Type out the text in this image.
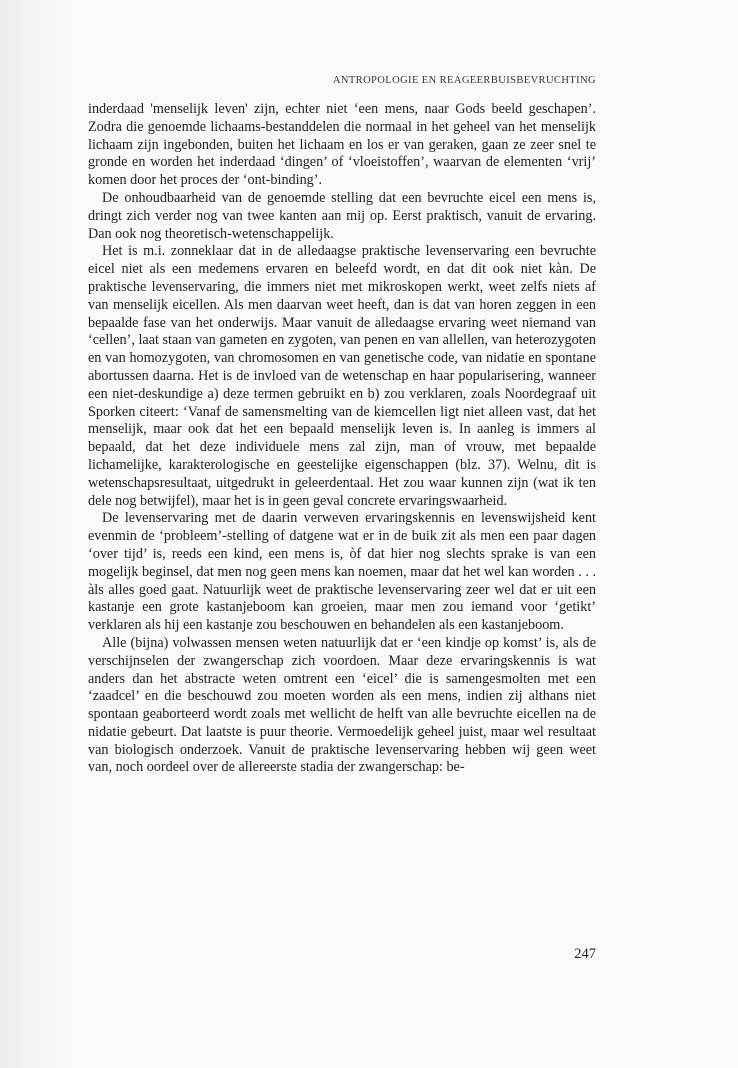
ANTROPOLOGIE EN REAGEERBUISBEVRUCHTING

inderdaad 'menselijk leven' zijn, echter niet ‘een mens, naar Gods beeld geschapen’. Zodra die genoemde lichaams-bestanddelen die normaal in het geheel van het menselijk lichaam zijn ingebonden, buiten het lichaam en los er van geraken, gaan ze zeer snel te gronde en worden het inderdaad ‘dingen’ of ‘vloeistoffen’, waarvan de elementen ‘vrij’ komen door het proces der ‘ont-binding’.

De onhoudbaarheid van de genoemde stelling dat een bevruchte eicel een mens is, dringt zich verder nog van twee kanten aan mij op. Eerst praktisch, vanuit de ervaring. Dan ook nog theoretisch-wetenschappelijk.

Het is m.i. zonneklaar dat in de alledaagse praktische levenservaring een bevruchte eicel niet als een medemens ervaren en beleefd wordt, en dat dit ook niet kàn. De praktische levenservaring, die immers niet met mikroskopen werkt, weet zelfs niets af van menselijk eicellen. Als men daarvan weet heeft, dan is dat van horen zeggen in een bepaalde fase van het onderwijs. Maar vanuit de alledaagse ervaring weet niemand van ‘cellen’, laat staan van gameten en zygoten, van penen en van allellen, van heterozygoten en van homozygoten, van chromosomen en van genetische code, van nidatie en spontane abortussen daarna. Het is de invloed van de wetenschap en haar popularisering, wanneer een niet-deskundige a) deze termen gebruikt en b) zou verklaren, zoals Noordegraaf uit Sporken citeert: ‘Vanaf de samensmelting van de kiemcellen ligt niet alleen vast, dat het menselijk, maar ook dat het een bepaald menselijk leven is. In aanleg is immers al bepaald, dat het deze individuele mens zal zijn, man of vrouw, met bepaalde lichamelijke, karakterologische en geestelijke eigenschappen (blz. 37). Welnu, dit is wetenschapsresultaat, uitgedrukt in geleerdentaal. Het zou waar kunnen zijn (wat ik ten dele nog betwijfel), maar het is in geen geval concrete ervaringswaarheid.

De levenservaring met de daarin verweven ervaringskennis en levenswijsheid kent evenmin de ‘probleem’-stelling of datgene wat er in de buik zit als men een paar dagen ‘over tijd’ is, reeds een kind, een mens is, òf dat hier nog slechts sprake is van een mogelijk beginsel, dat men nog geen mens kan noemen, maar dat het wel kan worden . . . àls alles goed gaat. Natuurlijk weet de praktische levenservaring zeer wel dat er uit een kastanje een grote kastanjeboom kan groeien, maar men zou iemand voor ‘getikt’ verklaren als hij een kastanje zou beschouwen en behandelen als een kastanjeboom.

Alle (bijna) volwassen mensen weten natuurlijk dat er ‘een kindje op komst’ is, als de verschijnselen der zwangerschap zich voordoen. Maar deze ervaringskennis is wat anders dan het abstracte weten omtrent een ‘eicel’ die is samengesmolten met een ‘zaadcel’ en die beschouwd zou moeten worden als een mens, indien zij althans niet spontaan geaborteerd wordt zoals met wellicht de helft van alle bevruchte eicellen na de nidatie gebeurt. Dat laatste is puur theorie. Vermoedelijk geheel juist, maar wel resultaat van biologisch onderzoek. Vanuit de praktische levenservaring hebben wij geen weet van, noch oordeel over de allereerste stadia der zwangerschap: be-

247
